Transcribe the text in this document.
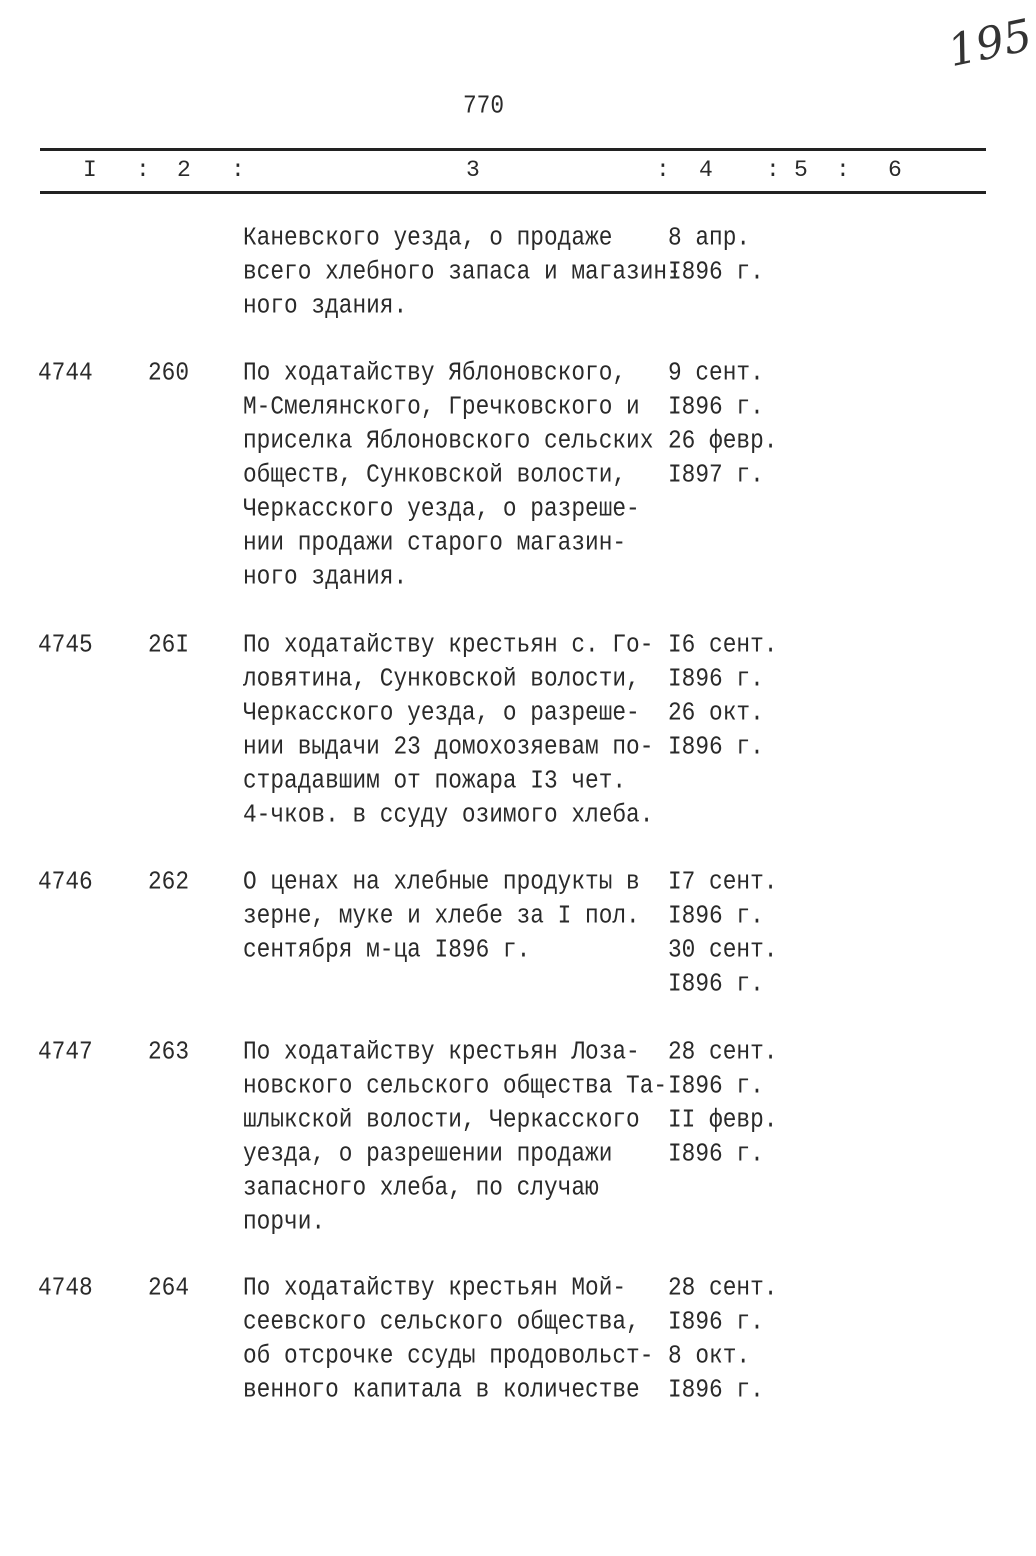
195
770
I : 2 :	3	: 4 : 5 : 6
Каневского уезда, о продаже
всего хлебного запаса и магазин-
ного здания.
8 апр.
I896 г.
4744 260 По ходатайству Яблоновского,
М-Смелянского, Гречковского и
приселка Яблоновского сельских
обществ, Сунковской волости,
Черкасского уезда, о разреше-
нии продажи старого магазин-
ного здания.
9 сент.
I896 г.
26 февр.
I897 г.
4745 26I По ходатайству крестьян с. Го-
ловятина, Сунковской волости,
Черкасского уезда, о разреше-
нии выдачи 23 домохозяевам по-
страдавшим от пожара I3 чет.
4-чков. в ссуду озимого хлеба.
I6 сент.
I896 г.
26 окт.
I896 г.
4746 262 О ценах на хлебные продукты в
зерне, муке и хлебе за I пол.
сентября м-ца I896 г.
I7 сент.
I896 г.
30 сент.
I896 г.
4747 263 По ходатайству крестьян Лоза-
новского сельского общества Та-
шлыкской волости, Черкасского
уезда, о разрешении продажи
запасного хлеба, по случаю
порчи.
28 сент.
I896 г.
II февр.
I896 г.
4748 264 По ходатайству крестьян Мой-
сеевского сельского общества,
об отсрочке ссуды продовольст-
венного капитала в количестве
28 сент.
I896 г.
8 окт.
I896 г.
